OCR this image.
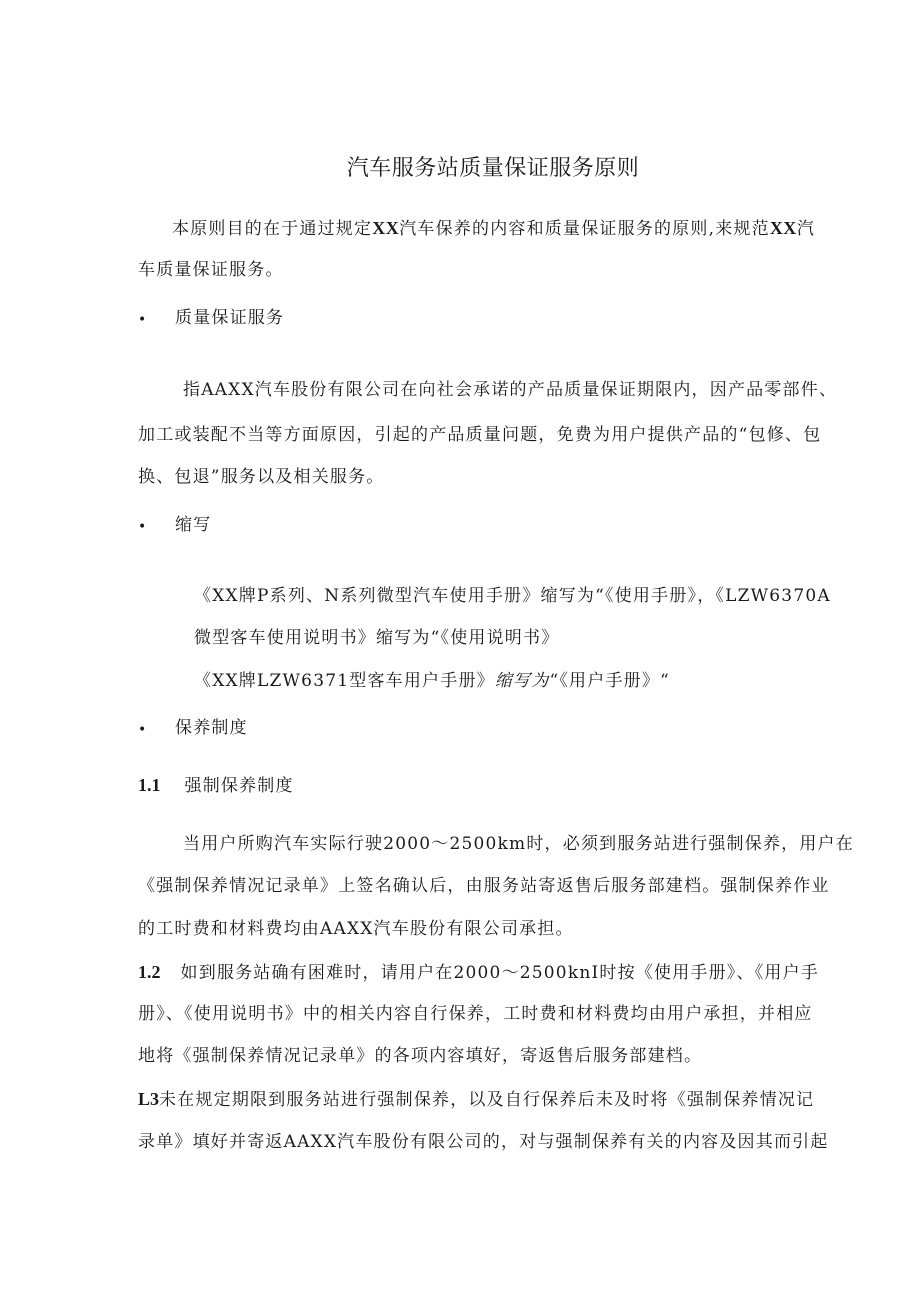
汽车服务站质量保证服务原则
本原则目的在于通过规定XX汽车保养的内容和质量保证服务的原则,来规范XX汽
车质量保证服务。
• 质量保证服务
指AAXX汽车股份有限公司在向社会承诺的产品质量保证期限内，因产品零部件、
加工或装配不当等方面原因，引起的产品质量问题，免费为用户提供产品的“包修、包
换、包退”服务以及相关服务。
• 缩写
《XX牌P系列、N系列微型汽车使用手册》缩写为“《使用手册》，《LZW6370A
微型客车使用说明书》缩写为“《使用说明书》
《XX牌LZW6371型客车用户手册》缩写为“《用户手册》“
• 保养制度
1.1 强制保养制度
当用户所购汽车实际行驶2000～2500km时，必须到服务站进行强制保养，用户在
《强制保养情况记录单》上签名确认后，由服务站寄返售后服务部建档。强制保养作业
的工时费和材料费均由AAXX汽车股份有限公司承担。
1.2 如到服务站确有困难时，请用户在2000～2500knI时按《使用手册》、《用户手
册》、《使用说明书》中的相关内容自行保养，工时费和材料费均由用户承担，并相应
地将《强制保养情况记录单》的各项内容填好，寄返售后服务部建档。
L3未在规定期限到服务站进行强制保养，以及自行保养后未及时将《强制保养情况记
录单》填好并寄返AAXX汽车股份有限公司的，对与强制保养有关的内容及因其而引起
